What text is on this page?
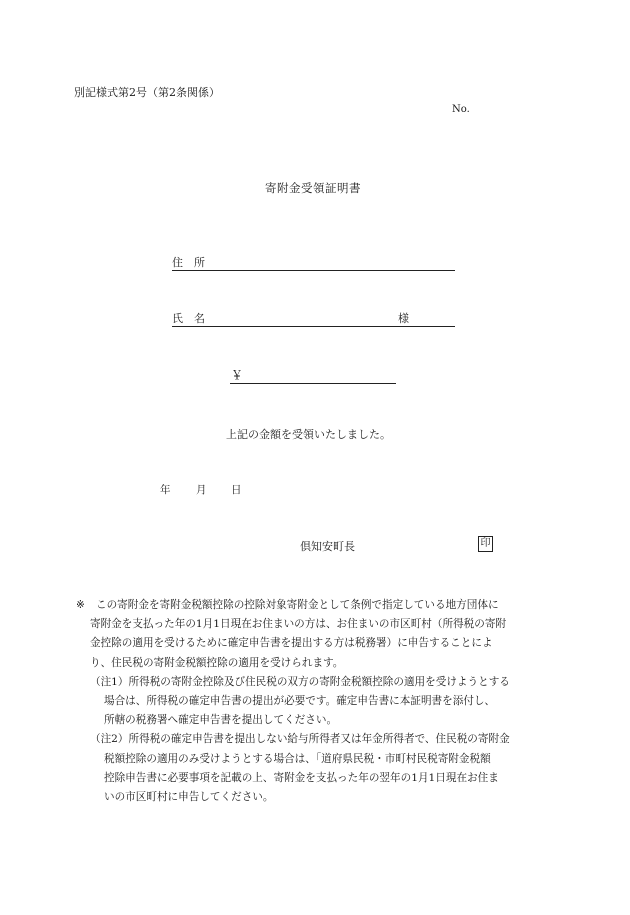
別記様式第2号（第2条関係）
No.
寄附金受領証明書
住　所
氏　名	様
￥
上記の金額を受領いたしました。
年 月 日
倶知安町長	印
※	この寄附金を寄附金税額控除の控除対象寄附金として条例で指定している地方団体に
寄附金を支払った年の1月1日現在お住まいの方は、お住まいの市区町村（所得税の寄附
金控除の適用を受けるために確定申告書を提出する方は税務署）に申告することによ
り、住民税の寄附金税額控除の適用を受けられます。
（注1）所得税の寄附金控除及び住民税の双方の寄附金税額控除の適用を受けようとする
場合は、所得税の確定申告書の提出が必要です。確定申告書に本証明書を添付し、
所轄の税務署へ確定申告書を提出してください。
（注2）所得税の確定申告書を提出しない給与所得者又は年金所得者で、住民税の寄附金
税額控除の適用のみ受けようとする場合は、「道府県民税・市町村民税寄附金税額
控除申告書に必要事項を記載の上、寄附金を支払った年の翌年の1月1日現在お住ま
いの市区町村に申告してください。
